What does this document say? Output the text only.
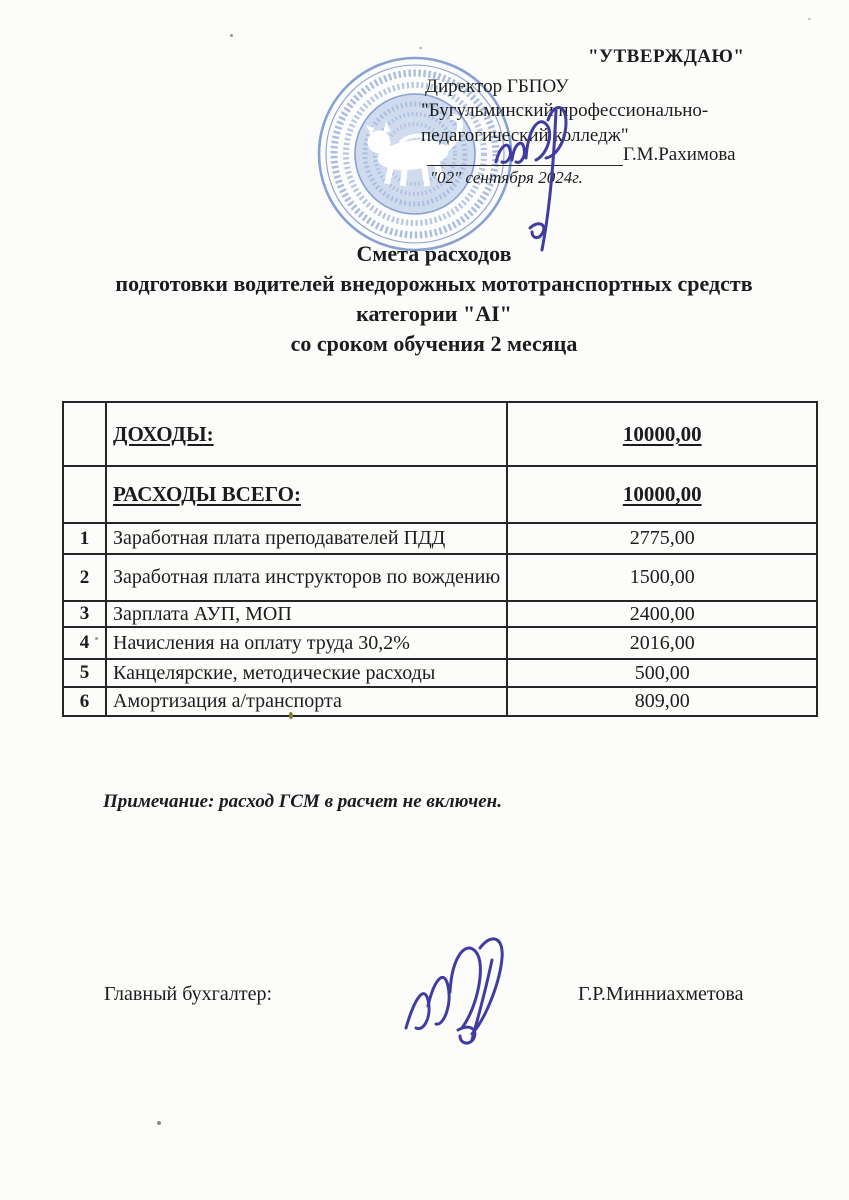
"УТВЕРЖДАЮ"
Директор ГБПОУ
"Бугульминский профессионально-
педагогический колледж"
Г.М.Рахимова
"02" сентября 2024г.
Смета расходов
подготовки водителей внедорожных мототранспортных средств
категории "AI"
со сроком обучения 2 месяца
	ДОХОДЫ:	10000,00
	РАСХОДЫ ВСЕГО:	10000,00
1	Заработная плата преподавателей ПДД	2775,00
2	Заработная плата инструкторов по вождению	1500,00
3	Зарплата АУП, МОП	2400,00
4	Начисления на оплату труда 30,2%	2016,00
5	Канцелярские, методические расходы	500,00
6	Амортизация а/транспорта	809,00
Примечание: расход ГСМ в расчет не включен.
Главный бухгалтер:	Г.Р.Минниахметова
